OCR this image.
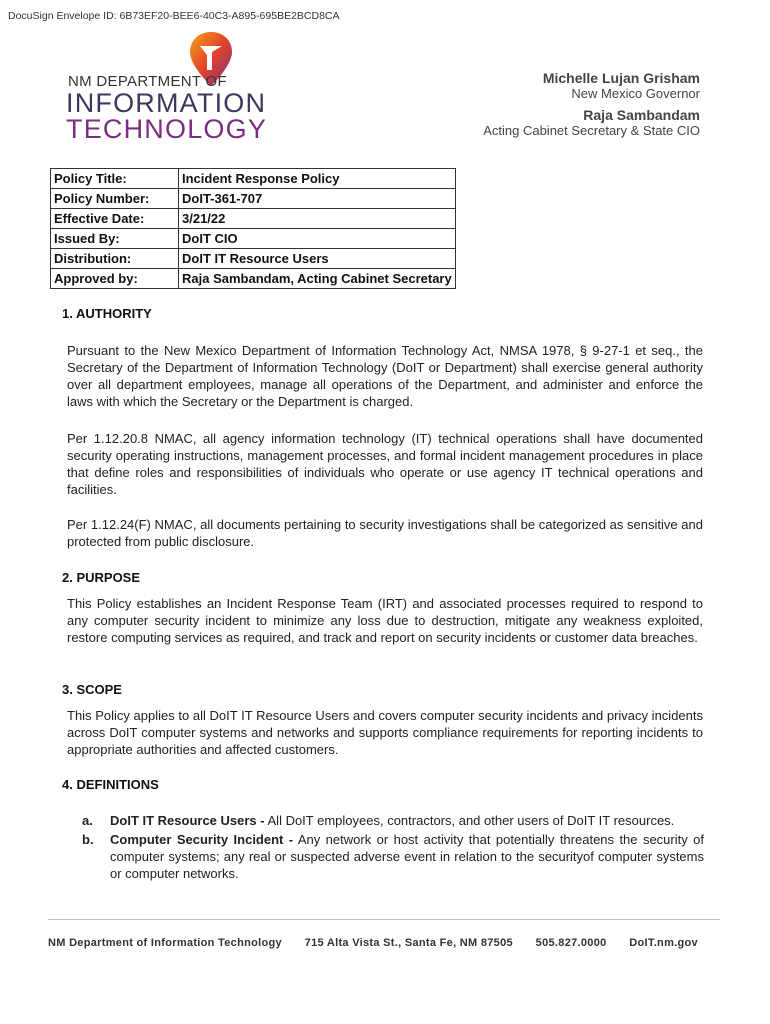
DocuSign Envelope ID: 6B73EF20-BEE6-40C3-A895-695BE2BCD8CA
NM DEPARTMENT OF
INFORMATION
TECHNOLOGY
Michelle Lujan Grisham
New Mexico Governor
Raja Sambandam
Acting Cabinet Secretary & State CIO
Policy Title:	Incident Response Policy
Policy Number:	DoIT-361-707
Effective Date:	3/21/22
Issued By:	DoIT CIO
Distribution:	DoIT IT Resource Users
Approved by:	Raja Sambandam, Acting Cabinet Secretary
1. AUTHORITY

Pursuant to the New Mexico Department of Information Technology Act, NMSA 1978, § 9-27-1 et seq., the Secretary of the Department of Information Technology (DoIT or Department) shall exercise general authority over all department employees, manage all operations of the Department, and administer and enforce the laws with which the Secretary or the Department is charged.

Per 1.12.20.8 NMAC, all agency information technology (IT) technical operations shall have documented security operating instructions, management processes, and formal incident management procedures in place that define roles and responsibilities of individuals who operate or use agency IT technical operations and facilities.

Per 1.12.24(F) NMAC, all documents pertaining to security investigations shall be categorized as sensitive and protected from public disclosure.

2. PURPOSE

This Policy establishes an Incident Response Team (IRT) and associated processes required to respond to any computer security incident to minimize any loss due to destruction, mitigate any weakness exploited, restore computing services as required, and track and report on security incidents or customer data breaches.

3. SCOPE

This Policy applies to all DoIT IT Resource Users and covers computer security incidents and privacy incidents across DoIT computer systems and networks and supports compliance requirements for reporting incidents to appropriate authorities and affected customers.

4. DEFINITIONS
a.	DoIT IT Resource Users - All DoIT employees, contractors, and other users of DoIT IT resources.
b.	Computer Security Incident - Any network or host activity that potentially threatens the security of computer systems; any real or suspected adverse event in relation to the securityof computer systems or computer networks.
NM Department of Information Technology 715 Alta Vista St., Santa Fe, NM 87505 505.827.0000 DoIT.nm.gov
